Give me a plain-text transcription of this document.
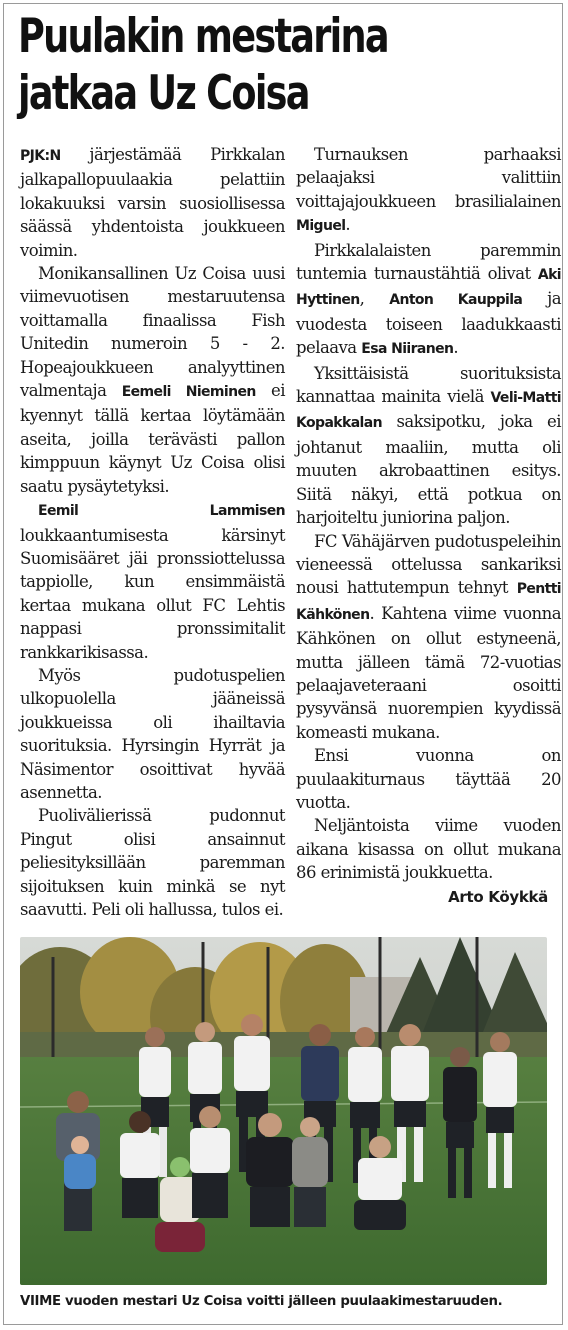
Puulakin mestarina
jatkaa Uz Coisa

PJK:N järjestämää Pirkkalan jalkapallopuulaakia pelattiin lokakuuksi varsin suosiollisessa säässä yhdentoista joukkueen voimin.

Monikansallinen Uz Coisa uusi viimevuotisen mestaruutensa voittamalla finaalissa Fish Unitedin numeroin 5 - 2. Hopeajoukkueen analyyttinen valmentaja Eemeli Nieminen ei kyennyt tällä kertaa löytämään aseita, joilla terävästi pallon kimppuun käynyt Uz Coisa olisi saatu pysäytetyksi.

Eemil Lammisen loukkaantumisesta kärsinyt Suomisääret jäi pronssiottelussa tappiolle, kun ensimmäistä kertaa mukana ollut FC Lehtis nappasi pronssimitalit rankkarikisassa.

Myös pudotuspelien ulkopuolella jääneissä joukkueissa oli ihailtavia suorituksia. Hyrsingin Hyrrät ja Näsimentor osoittivat hyvää asennetta.

Puolivälierissä pudonnut Pingut olisi ansainnut peliesityksillään paremman sijoituksen kuin minkä se nyt saavutti. Peli oli hallussa, tulos ei.

Turnauksen parhaaksi pelaajaksi valittiin voittajajoukkueen brasilialainen Miguel.

Pirkkalalaisten paremmin tuntemia turnaustähtiä olivat Aki Hyttinen, Anton Kauppila ja vuodesta toiseen laadukkaasti pelaava Esa Niiranen.

Yksittäisistä suorituksista kannattaa mainita vielä Veli-Matti Kopakkalan saksipotku, joka ei johtanut maaliin, mutta oli muuten akrobaattinen esitys. Siitä näkyi, että potkua on harjoiteltu juniorina paljon.

FC Vähäjärven pudotuspeleihin vieneessä ottelussa sankariksi nousi hattutempun tehnyt Pentti Kähkönen. Kahtena viime vuonna Kähkönen on ollut estyneenä, mutta jälleen tämä 72-vuotias pelaajaveteraani osoitti pysyvänsä nuorempien kyydissä komeasti mukana.

Ensi vuonna on puulaakiturnaus täyttää 20 vuotta.

Neljäntoista viime vuoden aikana kisassa on ollut mukana 86 erinimistä joukkuetta.

Arto Köykkä
VIIME vuoden mestari Uz Coisa voitti jälleen puulaakimestaruuden.
